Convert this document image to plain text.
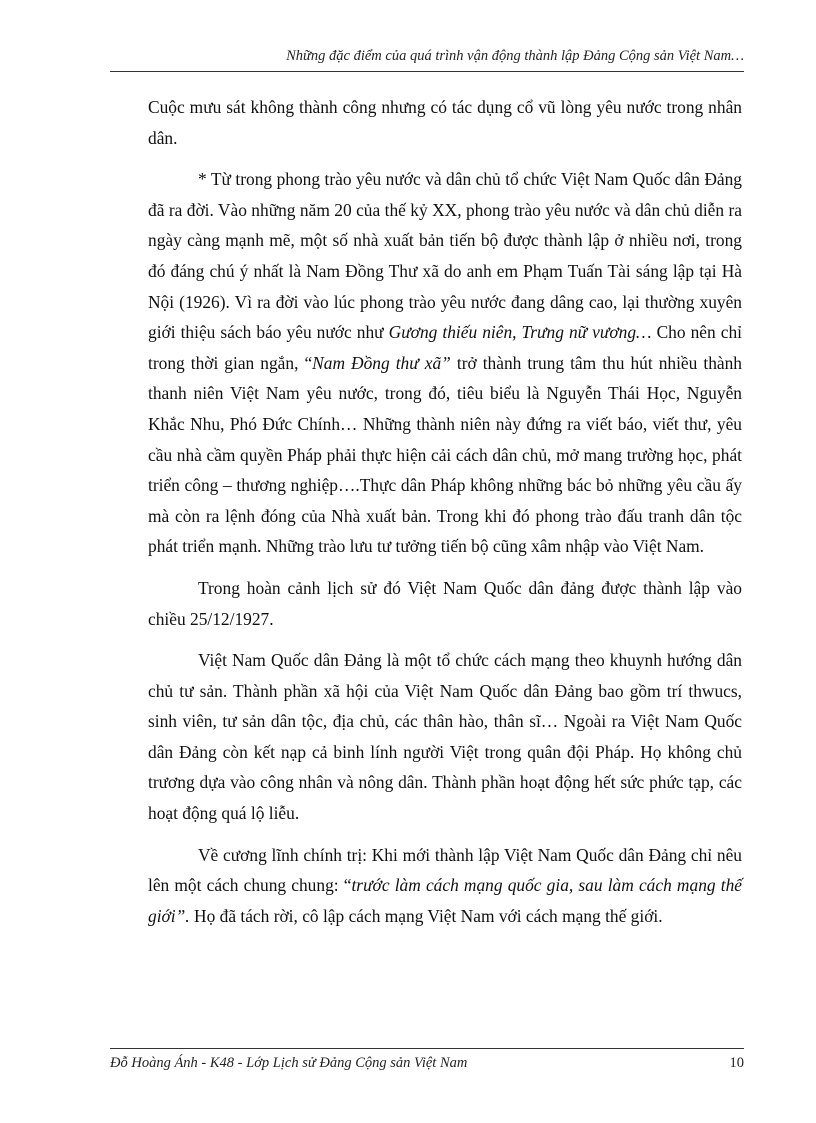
Những đặc điểm của quá trình vận động thành lập Đảng Cộng sản Việt Nam…

Cuộc mưu sát không thành công nhưng có tác dụng cổ vũ lòng yêu nước trong nhân dân.

* Từ trong phong trào yêu nước và dân chủ tổ chức Việt Nam Quốc dân Đảng đã ra đời. Vào những năm 20 của thế kỷ XX, phong trào yêu nước và dân chủ diễn ra ngày càng mạnh mẽ, một số nhà xuất bản tiến bộ được thành lập ở nhiều nơi, trong đó đáng chú ý nhất là Nam Đồng Thư xã do anh em Phạm Tuấn Tài sáng lập tại Hà Nội (1926). Vì ra đời vào lúc phong trào yêu nước đang dâng cao, lại thường xuyên giới thiệu sách báo yêu nước như Gương thiếu niên, Trưng nữ vương… Cho nên chỉ trong thời gian ngắn, “Nam Đồng thư xã” trở thành trung tâm thu hút nhiều thành thanh niên Việt Nam yêu nước, trong đó, tiêu biểu là Nguyễn Thái Học, Nguyễn Khắc Nhu, Phó Đức Chính… Những thành niên này đứng ra viết báo, viết thư, yêu cầu nhà cầm quyền Pháp phải thực hiện cải cách dân chủ, mở mang trường học, phát triển công – thương nghiệp….Thực dân Pháp không những bác bỏ những yêu cầu ấy mà còn ra lệnh đóng của Nhà xuất bản. Trong khi đó phong trào đấu tranh dân tộc phát triển mạnh. Những trào lưu tư tưởng tiến bộ cũng xâm nhập vào Việt Nam.

Trong hoàn cảnh lịch sử đó Việt Nam Quốc dân đảng được thành lập vào chiều 25/12/1927.

Việt Nam Quốc dân Đảng là một tổ chức cách mạng theo khuynh hướng dân chủ tư sản. Thành phần xã hội của Việt Nam Quốc dân Đảng bao gồm trí thwucs, sinh viên, tư sản dân tộc, địa chủ, các thân hào, thân sĩ… Ngoài ra Việt Nam Quốc dân Đảng còn kết nạp cả binh lính người Việt trong quân đội Pháp. Họ không chủ trương dựa vào công nhân và nông dân. Thành phần hoạt động hết sức phức tạp, các hoạt động quá lộ liễu.

Về cương lĩnh chính trị: Khi mới thành lập Việt Nam Quốc dân Đảng chỉ nêu lên một cách chung chung: “trước làm cách mạng quốc gia, sau làm cách mạng thế giới”. Họ đã tách rời, cô lập cách mạng Việt Nam với cách mạng thế giới.

Đỗ Hoàng Ánh - K48 - Lớp Lịch sử Đảng Cộng sản Việt Nam	10
